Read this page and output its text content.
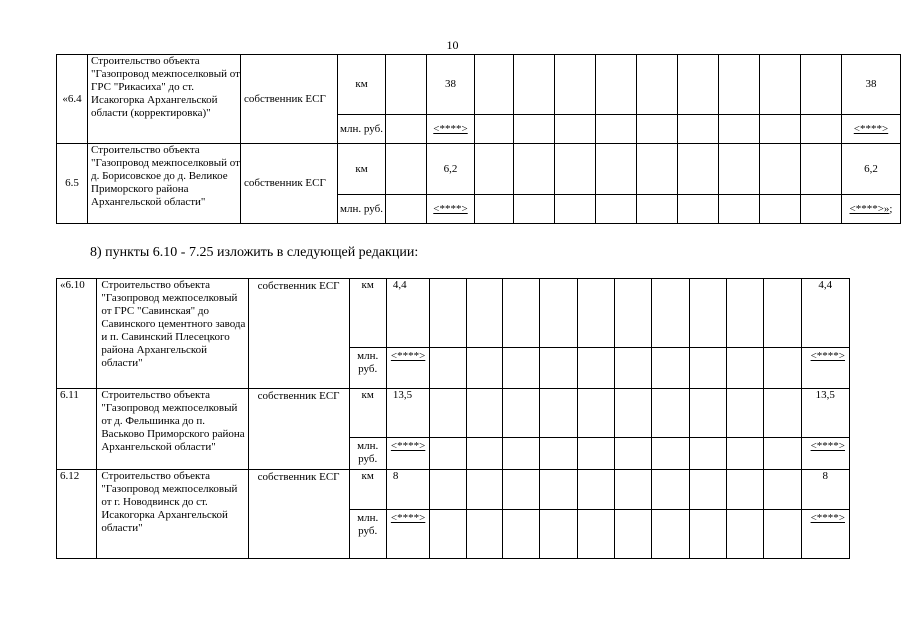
10
«6.4	Строительство объекта "Газопровод межпоселковый от ГРС "Рикасиха" до ст. Исакогорка Архангельской области (корректировка)"	собственник ЕСГ	км		38										38
			млн. руб.		<****>										<****>
6.5	Строительство объекта "Газопровод межпоселковый от д. Борисовское до д. Великое Приморского района Архангельской области"	собственник ЕСГ	км		6,2										6,2
			млн. руб.		<****>										<****>»;
8) пункты 6.10 - 7.25 изложить в следующей редакции:
«6.10	Строительство объекта "Газопровод межпоселковый от ГРС "Савинская" до Савинского цементного завода и п. Савинский Плесецкого района Архангельской области"	собственник ЕСГ	км	4,4											4,4
			млн. руб.	<****>											<****>
6.11	Строительство объекта "Газопровод межпоселковый от д. Фельшинка до п. Васьково Приморского района Архангельской области"	собственник ЕСГ	км	13,5											13,5
			млн. руб.	<****>											<****>
6.12	Строительство объекта "Газопровод межпоселковый от г. Новодвинск до ст. Исакогорка Архангельской области"	собственник ЕСГ	км	8											8
			млн. руб.	<****>											<****>
